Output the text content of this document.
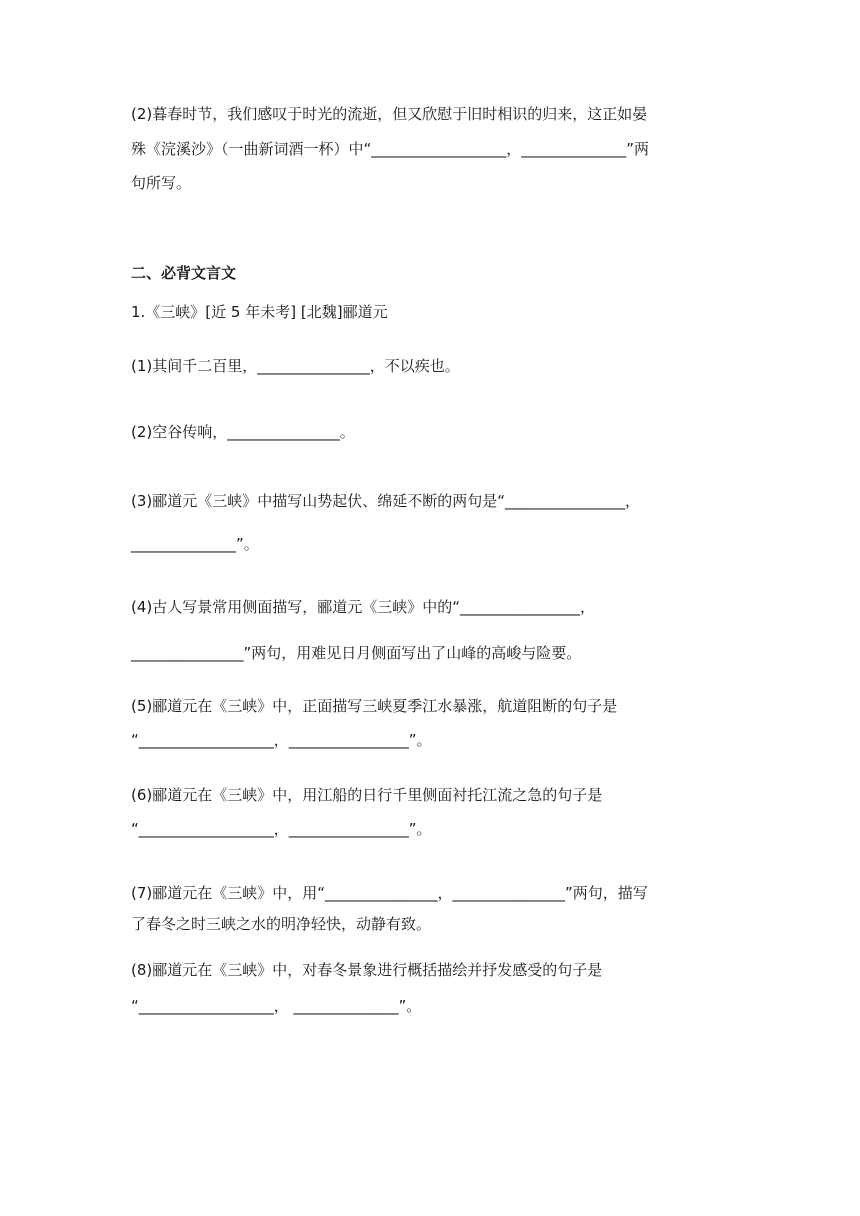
(2)暮春时节，我们感叹于时光的流逝，但又欣慰于旧时相识的归来，这正如晏
殊《浣溪沙》（一曲新词酒一杯）中“__________________，______________”两
句所写。
二、必背文言文
1.《三峡》[近 5 年未考] [北魏]郦道元
(1)其间千二百里，_______________，不以疾也。
(2)空谷传响，_______________。
(3)郦道元《三峡》中描写山势起伏、绵延不断的两句是“________________，
______________”。
(4)古人写景常用侧面描写，郦道元《三峡》中的“________________，
_______________”两句，用难见日月侧面写出了山峰的高峻与险要。
(5)郦道元在《三峡》中，正面描写三峡夏季江水暴涨，航道阻断的句子是
“__________________，________________”。
(6)郦道元在《三峡》中，用江船的日行千里侧面衬托江流之急的句子是
“__________________，________________”。
(7)郦道元在《三峡》中，用“_______________，_______________”两句，描写
了春冬之时三峡之水的明净轻快，动静有致。
(8)郦道元在《三峡》中，对春冬景象进行概括描绘并抒发感受的句子是
“__________________， ______________”。
